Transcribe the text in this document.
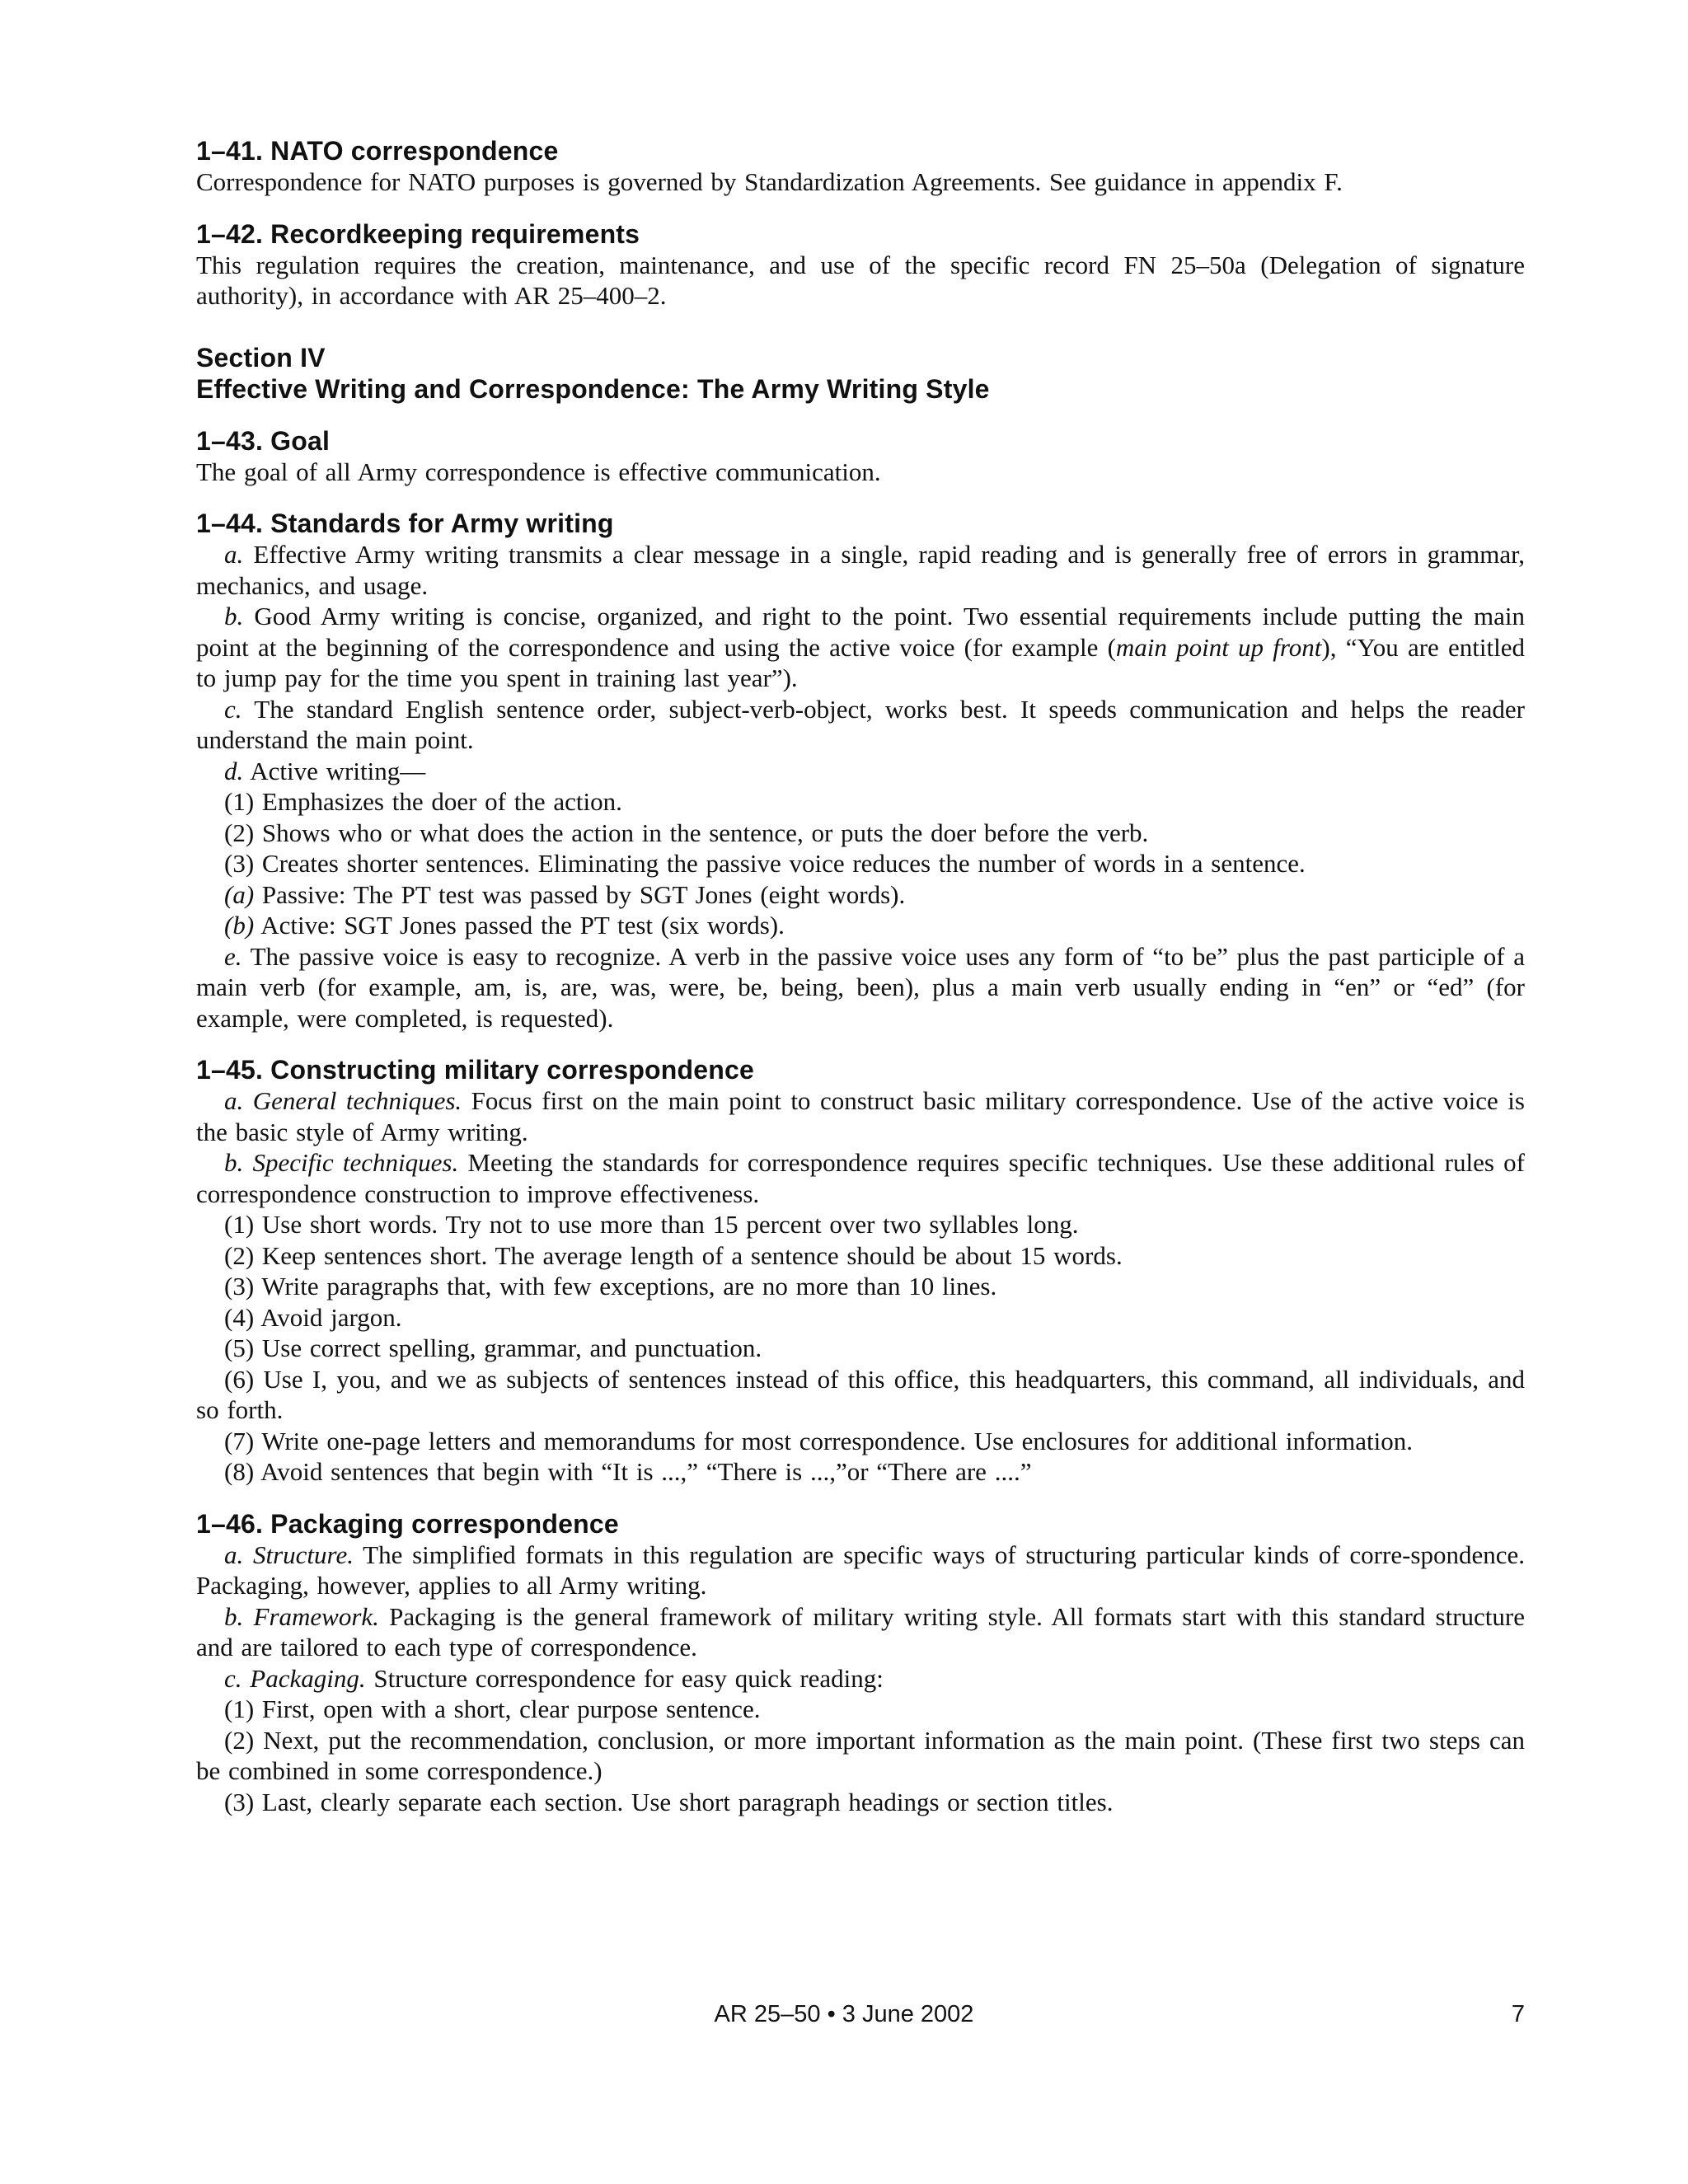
1–41. NATO correspondence

Correspondence for NATO purposes is governed by Standardization Agreements. See guidance in appendix F.

1–42. Recordkeeping requirements

This regulation requires the creation, maintenance, and use of the specific record FN 25–50a (Delegation of signature authority), in accordance with AR 25–400–2.

Section IV
Effective Writing and Correspondence: The Army Writing Style
1–43. Goal

The goal of all Army correspondence is effective communication.

1–44. Standards for Army writing

a. Effective Army writing transmits a clear message in a single, rapid reading and is generally free of errors in grammar, mechanics, and usage.

b. Good Army writing is concise, organized, and right to the point. Two essential requirements include putting the main point at the beginning of the correspondence and using the active voice (for example (main point up front), “You are entitled to jump pay for the time you spent in training last year”).

c. The standard English sentence order, subject-verb-object, works best. It speeds communication and helps the reader understand the main point.

d. Active writing—

(1) Emphasizes the doer of the action.

(2) Shows who or what does the action in the sentence, or puts the doer before the verb.

(3) Creates shorter sentences. Eliminating the passive voice reduces the number of words in a sentence.

(a) Passive: The PT test was passed by SGT Jones (eight words).

(b) Active: SGT Jones passed the PT test (six words).

e. The passive voice is easy to recognize. A verb in the passive voice uses any form of “to be” plus the past participle of a main verb (for example, am, is, are, was, were, be, being, been), plus a main verb usually ending in “en” or “ed” (for example, were completed, is requested).

1–45. Constructing military correspondence

a. General techniques. Focus first on the main point to construct basic military correspondence. Use of the active voice is the basic style of Army writing.

b. Specific techniques. Meeting the standards for correspondence requires specific techniques. Use these additional rules of correspondence construction to improve effectiveness.

(1) Use short words. Try not to use more than 15 percent over two syllables long.

(2) Keep sentences short. The average length of a sentence should be about 15 words.

(3) Write paragraphs that, with few exceptions, are no more than 10 lines.

(4) Avoid jargon.

(5) Use correct spelling, grammar, and punctuation.

(6) Use I, you, and we as subjects of sentences instead of this office, this headquarters, this command, all individuals, and so forth.

(7) Write one-page letters and memorandums for most correspondence. Use enclosures for additional information.

(8) Avoid sentences that begin with “It is ...,” “There is ...,”or “There are ....”

1–46. Packaging correspondence

a. Structure. The simplified formats in this regulation are specific ways of structuring particular kinds of corre-spondence. Packaging, however, applies to all Army writing.

b. Framework. Packaging is the general framework of military writing style. All formats start with this standard structure and are tailored to each type of correspondence.

c. Packaging. Structure correspondence for easy quick reading:

(1) First, open with a short, clear purpose sentence.

(2) Next, put the recommendation, conclusion, or more important information as the main point. (These first two steps can be combined in some correspondence.)

(3) Last, clearly separate each section. Use short paragraph headings or section titles.

AR 25–50 • 3 June 2002	7
